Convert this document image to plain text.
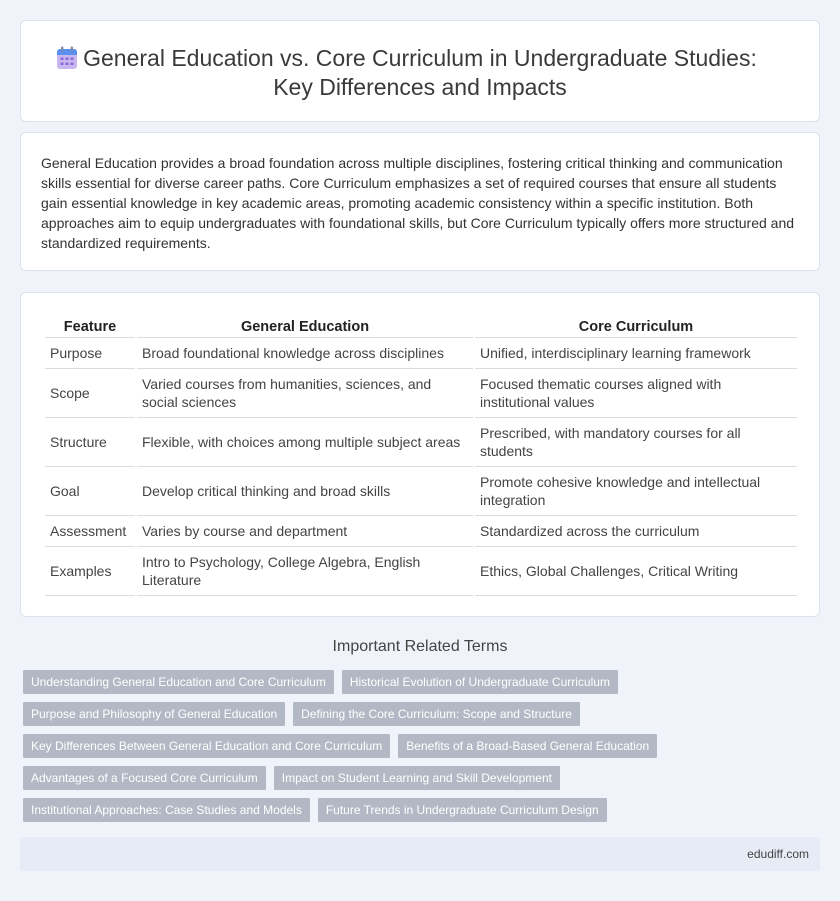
General Education vs. Core Curriculum in Undergraduate Studies:
Key Differences and Impacts

General Education provides a broad foundation across multiple disciplines, fostering critical thinking and communication skills essential for diverse career paths. Core Curriculum emphasizes a set of required courses that ensure all students gain essential knowledge in key academic areas, promoting academic consistency within a specific institution. Both approaches aim to equip undergraduates with foundational skills, but Core Curriculum typically offers more structured and standardized requirements.

Feature	General Education	Core Curriculum
Purpose	Broad foundational knowledge across disciplines	Unified, interdisciplinary learning framework
Scope	Varied courses from humanities, sciences, and social sciences	Focused thematic courses aligned with institutional values
Structure	Flexible, with choices among multiple subject areas	Prescribed, with mandatory courses for all students
Goal	Develop critical thinking and broad skills	Promote cohesive knowledge and intellectual integration
Assessment	Varies by course and department	Standardized across the curriculum
Examples	Intro to Psychology, College Algebra, English Literature	Ethics, Global Challenges, Critical Writing
Important Related Terms
Understanding General Education and Core Curriculum	Historical Evolution of Undergraduate Curriculum
Purpose and Philosophy of General Education	Defining the Core Curriculum: Scope and Structure
Key Differences Between General Education and Core Curriculum	Benefits of a Broad-Based General Education
Advantages of a Focused Core Curriculum	Impact on Student Learning and Skill Development
Institutional Approaches: Case Studies and Models	Future Trends in Undergraduate Curriculum Design
edudiff.com
